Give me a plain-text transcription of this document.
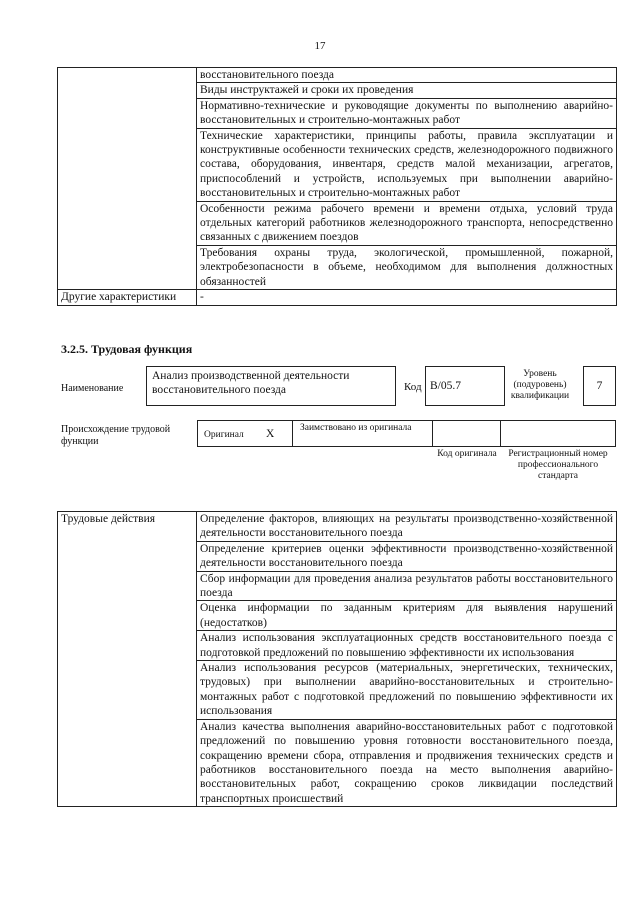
17
	восстановительного поезда
	Виды инструктажей и сроки их проведения
	Нормативно-технические и руководящие документы по выполнению аварийно-восстановительных и строительно-монтажных работ
	Технические характеристики, принципы работы, правила эксплуатации и конструктивные особенности технических средств, железнодорожного подвижного состава, оборудования, инвентаря, средств малой механизации, агрегатов, приспособлений и устройств, используемых при выполнении аварийно-восстановительных и строительно-монтажных работ
	Особенности режима рабочего времени и времени отдыха, условий труда отдельных категорий работников железнодорожного транспорта, непосредственно связанных с движением поездов
	Требования охраны труда, экологической, промышленной, пожарной, электробезопасности в объеме, необходимом для выполнения должностных обязанностей
Другие характеристики	-
3.2.5. Трудовая функция
Наименование
Анализ производственной деятельности восстановительного поезда	Код B/05.7
Уровень (подуровень) квалификации
7
Происхождение трудовой функции
Оригинал X	Заимствовано из оригинала
Код оригинала	Регистрационный номер профессионального стандарта
Трудовые действия	Определение факторов, влияющих на результаты производственно-хозяйственной деятельности восстановительного поезда
Определение критериев оценки эффективности производственно-хозяйственной деятельности восстановительного поезда
Сбор информации для проведения анализа результатов работы восстановительного поезда
Оценка информации по заданным критериям для выявления нарушений (недостатков)
Анализ использования эксплуатационных средств восстановительного поезда с подготовкой предложений по повышению эффективности их использования
Анализ использования ресурсов (материальных, энергетических, технических, трудовых) при выполнении аварийно-восстановительных и строительно-монтажных работ с подготовкой предложений по повышению эффективности их использования
Анализ качества выполнения аварийно-восстановительных работ с подготовкой предложений по повышению уровня готовности восстановительного поезда, сокращению времени сбора, отправления и продвижения технических средств и работников восстановительного поезда на место выполнения аварийно-восстановительных работ, сокращению сроков ликвидации последствий транспортных происшествий
